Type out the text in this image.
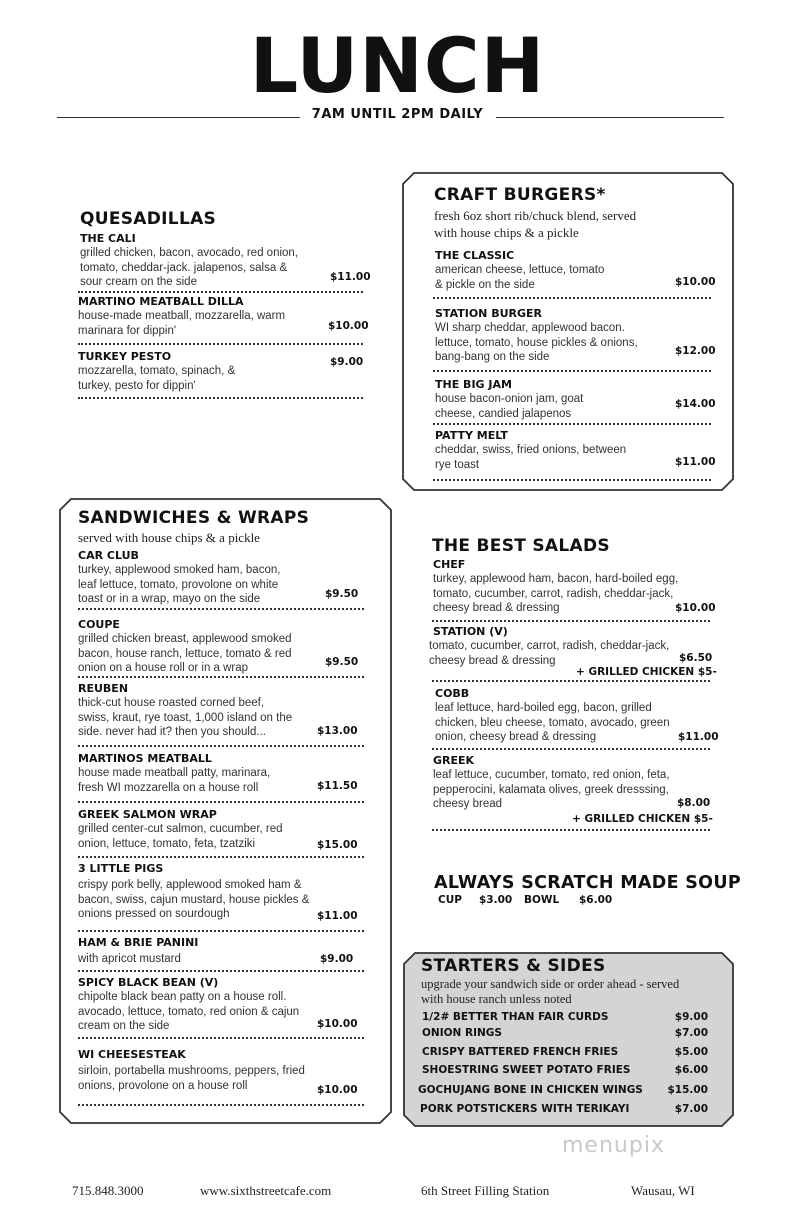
LUNCH
7AM UNTIL 2PM DAILY
QUESADILLAS
THE CALI
grilled chicken, bacon, avocado, red onion,
tomato, cheddar-jack. jalapenos, salsa &
sour cream on the side	$11.00
MARTINO MEATBALL DILLA
house-made meatball, mozzarella, warm
marinara for dippin'	$10.00
TURKEY PESTO
mozzarella, tomato, spinach, &
turkey, pesto for dippin'
$9.00
CRAFT BURGERS*
fresh 6oz short rib/chuck blend, served
with house chips & a pickle
THE CLASSIC
american cheese, lettuce, tomato
& pickle on the side	$10.00
STATION BURGER
WI sharp cheddar, applewood bacon.
lettuce, tomato, house pickles & onions,
bang-bang on the side	$12.00
THE BIG JAM
house bacon-onion jam, goat
cheese, candied jalapenos
$14.00
PATTY MELT
cheddar, swiss, fried onions, between
rye toast	$11.00
SANDWICHES & WRAPS
served with house chips & a pickle
CAR CLUB
turkey, applewood smoked ham, bacon,
leaf lettuce, tomato, provolone on white
toast or in a wrap, mayo on the side	$9.50
COUPE
grilled chicken breast, applewood smoked
bacon, house ranch, lettuce, tomato & red
onion on a house roll or in a wrap	$9.50
REUBEN
thick-cut house roasted corned beef,
swiss, kraut, rye toast, 1,000 island on the
side. never had it? then you should...	$13.00
MARTINOS MEATBALL
house made meatball patty, marinara,
fresh WI mozzarella on a house roll	$11.50
GREEK SALMON WRAP
grilled center-cut salmon, cucumber, red
onion, lettuce, tomato, feta, tzatziki	$15.00
3 LITTLE PIGS
crispy pork belly, applewood smoked ham &
bacon, swiss, cajun mustard, house pickles &
onions pressed on sourdough	$11.00
HAM & BRIE PANINI
with apricot mustard	$9.00
SPICY BLACK BEAN (V)
chipolte black bean patty on a house roll.
avocado, lettuce, tomato, red onion & cajun
cream on the side	$10.00
WI CHEESESTEAK
sirloin, portabella mushrooms, peppers, fried
onions, provolone on a house roll	$10.00
THE BEST SALADS
CHEF
turkey, applewood ham, bacon, hard-boiled egg,
tomato, cucumber, carrot, radish, cheddar-jack,
cheesy bread & dressing	$10.00
STATION (V)
tomato, cucumber, carrot, radish, cheddar-jack,
cheesy bread & dressing	$6.50
+ GRILLED CHICKEN $5-
COBB
leaf lettuce, hard-boiled egg, bacon, grilled
chicken, bleu cheese, tomato, avocado, green
onion, cheesy bread & dressing	$11.00
GREEK
leaf lettuce, cucumber, tomato, red onion, feta,
pepperocini, kalamata olives, greek dresssing,
cheesy bread	$8.00
+ GRILLED CHICKEN $5-
ALWAYS SCRATCH MADE SOUP
CUP $3.00 BOWL $6.00
STARTERS & SIDES
upgrade your sandwich side or order ahead - served
with house ranch unless noted
1/2# BETTER THAN FAIR CURDS	$9.00
ONION RINGS	$7.00
CRISPY BATTERED FRENCH FRIES	$5.00
SHOESTRING SWEET POTATO FRIES	$6.00
GOCHUJANG BONE IN CHICKEN WINGS $15.00
PORK POTSTICKERS WITH TERIKAYI	$7.00
menupix
715.848.3000	www.sixthstreetcafe.com	6th Street Filling Station	Wausau, WI
